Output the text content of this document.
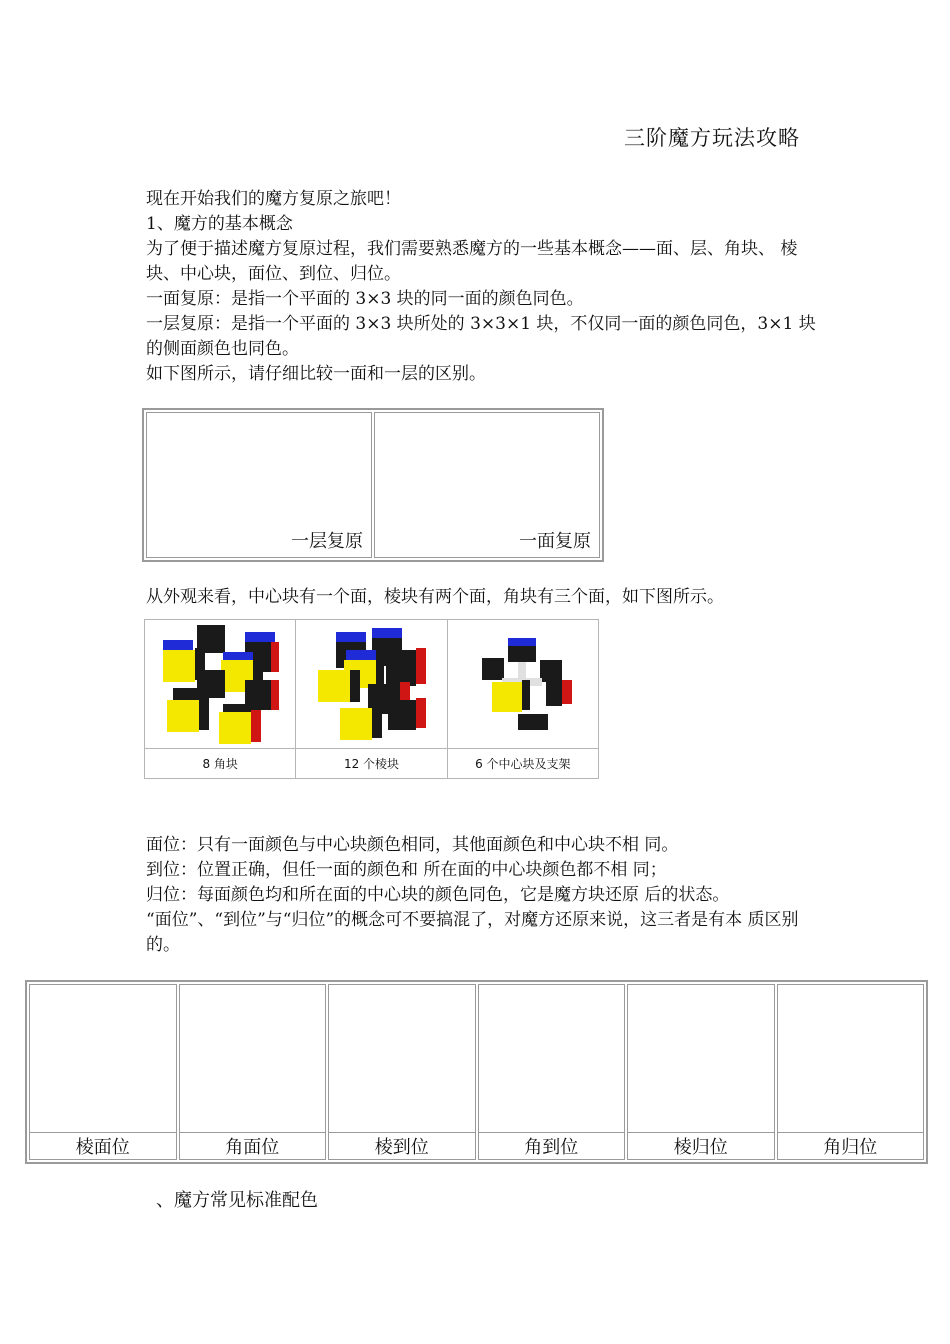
三阶魔方玩法攻略

现在开始我们的魔方复原之旅吧！

1、魔方的基本概念

为了便于描述魔方复原过程，我们需要熟悉魔方的一些基本概念——面、层、角块、 棱块、中心块，面位、到位、归位。

一面复原：是指一个平面的 3×3 块的同一面的颜色同色。

一层复原：是指一个平面的 3×3 块所处的 3×3×1 块，不仅同一面的颜色同色，3×1 块 的侧面颜色也同色。

如下图所示，请仔细比较一面和一层的区别。

一层复原	一面复原

从外观来看，中心块有一个面，棱块有两个面，角块有三个面，如下图所示。

8 角块	12 个棱块	6 个中心块及支架

面位：只有一面颜色与中心块颜色相同，其他面颜色和中心块不相 同。

到位：位置正确，但任一面的颜色和 所在面的中心块颜色都不相 同；

归位：每面颜色均和所在面的中心块的颜色同色，它是魔方块还原 后的状态。

“面位”、“到位”与“归位”的概念可不要搞混了，对魔方还原来说，这三者是有本 质区别的。

棱面位	角面位	棱到位	角到位	棱归位	角归位
、魔方常见标准配色
